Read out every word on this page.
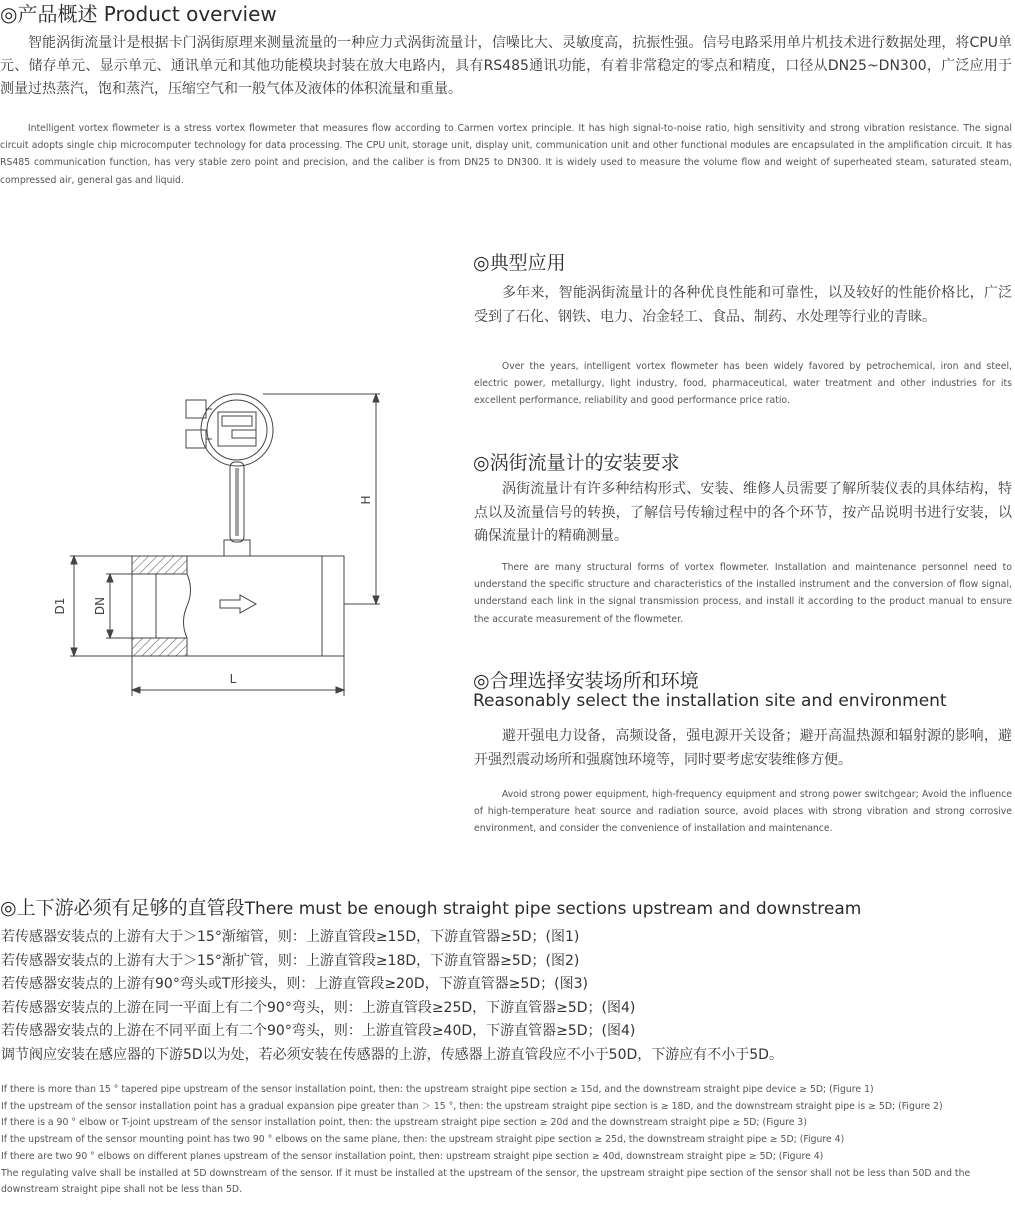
◎产品概述 Product overview
智能涡街流量计是根据卡门涡街原理来测量流量的一种应力式涡街流量计，信噪比大、灵敏度高，抗振性强。信号电路采用单片机技术进行数据处理，将CPU单元、储存单元、显示单元、通讯单元和其他功能模块封装在放大电路内，具有RS485通讯功能，有着非常稳定的零点和精度，口径从DN25~DN300，广泛应用于测量过热蒸汽，饱和蒸汽，压缩空气和一般气体及液体的体积流量和重量。
Intelligent vortex flowmeter is a stress vortex flowmeter that measures flow according to Carmen vortex principle. It has high signal-to-noise ratio, high sensitivity and strong vibration resistance. The signal circuit adopts single chip microcomputer technology for data processing. The CPU unit, storage unit, display unit, communication unit and other functional modules are encapsulated in the amplification circuit. It has RS485 communication function, has very stable zero point and precision, and the caliber is from DN25 to DN300. It is widely used to measure the volume flow and weight of superheated steam, saturated steam, compressed air, general gas and liquid.
H
D1 DN
L
◎典型应用
多年来，智能涡街流量计的各种优良性能和可靠性，以及较好的性能价格比，广泛受到了石化、钢铁、电力、冶金轻工、食品、制药、水处理等行业的青睐。
Over the years, intelligent vortex flowmeter has been widely favored by petrochemical, iron and steel, electric power, metallurgy, light industry, food, pharmaceutical, water treatment and other industries for its excellent performance, reliability and good performance price ratio.
◎涡街流量计的安装要求
涡街流量计有许多种结构形式、安装、维修人员需要了解所装仪表的具体结构，特点以及流量信号的转换，了解信号传输过程中的各个环节，按产品说明书进行安装，以确保流量计的精确测量。
There are many structural forms of vortex flowmeter. Installation and maintenance personnel need to understand the specific structure and characteristics of the installed instrument and the conversion of flow signal, understand each link in the signal transmission process, and install it according to the product manual to ensure the accurate measurement of the flowmeter.
◎合理选择安装场所和环境
Reasonably select the installation site and environment
避开强电力设备，高频设备，强电源开关设备；避开高温热源和辐射源的影响，避开强烈震动场所和强腐蚀环境等，同时要考虑安装维修方便。
Avoid strong power equipment, high-frequency equipment and strong power switchgear; Avoid the influence of high-temperature heat source and radiation source, avoid places with strong vibration and strong corrosive environment, and consider the convenience of installation and maintenance.
◎上下游必须有足够的直管段There must be enough straight pipe sections upstream and downstream
若传感器安装点的上游有大于＞15°渐缩管，则：上游直管段≥15D，下游直管器≥5D；(图1)
若传感器安装点的上游有大于＞15°渐扩管，则：上游直管段≥18D，下游直管器≥5D；(图2)
若传感器安装点的上游有90°弯头或T形接头，则：上游直管段≥20D，下游直管器≥5D；(图3)
若传感器安装点的上游在同一平面上有二个90°弯头，则：上游直管段≥25D，下游直管器≥5D；(图4)
若传感器安装点的上游在不同平面上有二个90°弯头，则：上游直管段≥40D，下游直管器≥5D；(图4)
调节阀应安装在感应器的下游5D以为处，若必须安装在传感器的上游，传感器上游直管段应不小于50D，下游应有不小于5D。
If there is more than 15 ° tapered pipe upstream of the sensor installation point, then: the upstream straight pipe section ≥ 15d, and the downstream straight pipe device ≥ 5D; (Figure 1)
If the upstream of the sensor installation point has a gradual expansion pipe greater than ＞ 15 °, then: the upstream straight pipe section is ≥ 18D, and the downstream straight pipe is ≥ 5D; (Figure 2)
If there is a 90 ° elbow or T-joint upstream of the sensor installation point, then: the upstream straight pipe section ≥ 20d and the downstream straight pipe ≥ 5D; (Figure 3)
If the upstream of the sensor mounting point has two 90 ° elbows on the same plane, then: the upstream straight pipe section ≥ 25d, the downstream straight pipe ≥ 5D; (Figure 4)
If there are two 90 ° elbows on different planes upstream of the sensor installation point, then: upstream straight pipe section ≥ 40d, downstream straight pipe ≥ 5D; (Figure 4)
The regulating valve shall be installed at 5D downstream of the sensor. If it must be installed at the upstream of the sensor, the upstream straight pipe section of the sensor shall not be less than 50D and the downstream straight pipe shall not be less than 5D.
